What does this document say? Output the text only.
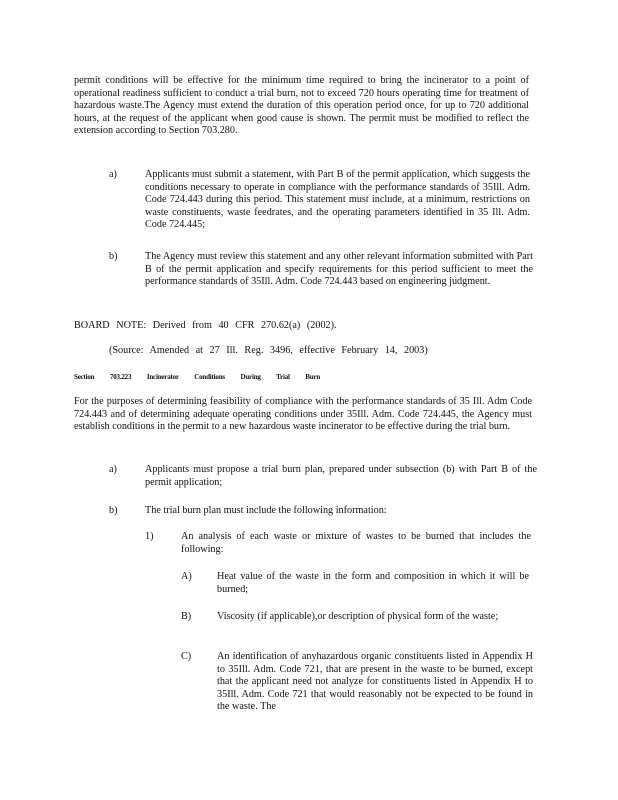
permit conditions will be effective for the minimum time required to bring the incinerator to a point of operational readiness sufficient to conduct a trial burn, not to exceed 720 hours operating time for treatment of hazardous waste.The Agency must extend the duration of this operation period once, for up to 720 additional hours, at the request of the applicant when good cause is shown. The permit must be modified to reflect the extension according to Section 703.280.

a)	Applicants must submit a statement, with Part B of the permit application, which suggests the conditions necessary to operate in compliance with the performance standards of 35Ill. Adm. Code 724.443 during this period. This statement must include, at a minimum, restrictions on waste constituents, waste feedrates, and the operating parameters identified in 35 Ill. Adm. Code 724.445;

b)	The Agency must review this statement and any other relevant information submitted with Part B of the permit application and specify requirements for this period sufficient to meet the performance standards of 35Ill. Adm. Code 724.443 based on engineering judgment.

BOARD NOTE: Derived from 40 CFR 270.62(a) (2002).

(Source: Amended at 27 Ill. Reg. 3496, effective February 14, 2003)

Section 703.223 Incinerator Conditions During Trial Burn

For the purposes of determining feasibility of compliance with the performance standards of 35 Ill. Adm Code 724.443 and of determining adequate operating conditions under 35Ill. Adm. Code 724.445, the Agency must establish conditions in the permit to a new hazardous waste incinerator to be effective during the trial burn.

a)	Applicants must propose a trial burn plan, prepared under subsection (b) with Part B of the permit application;

b)	The trial burn plan must include the following information:

1)	An analysis of each waste or mixture of wastes to be burned that includes the following:

A) Heat value of the waste in the form and composition in which it will be burned;

B)	Viscosity (if applicable),or description of physical form of the waste;

C)	An identification of anyhazardous organic constituents listed in Appendix H to 35Ill. Adm. Code 721, that are present in the waste to be burned, except that the applicant need not analyze for constituents listed in Appendix H to 35Ill. Adm. Code 721 that would reasonably not be expected to be found in the waste. The
